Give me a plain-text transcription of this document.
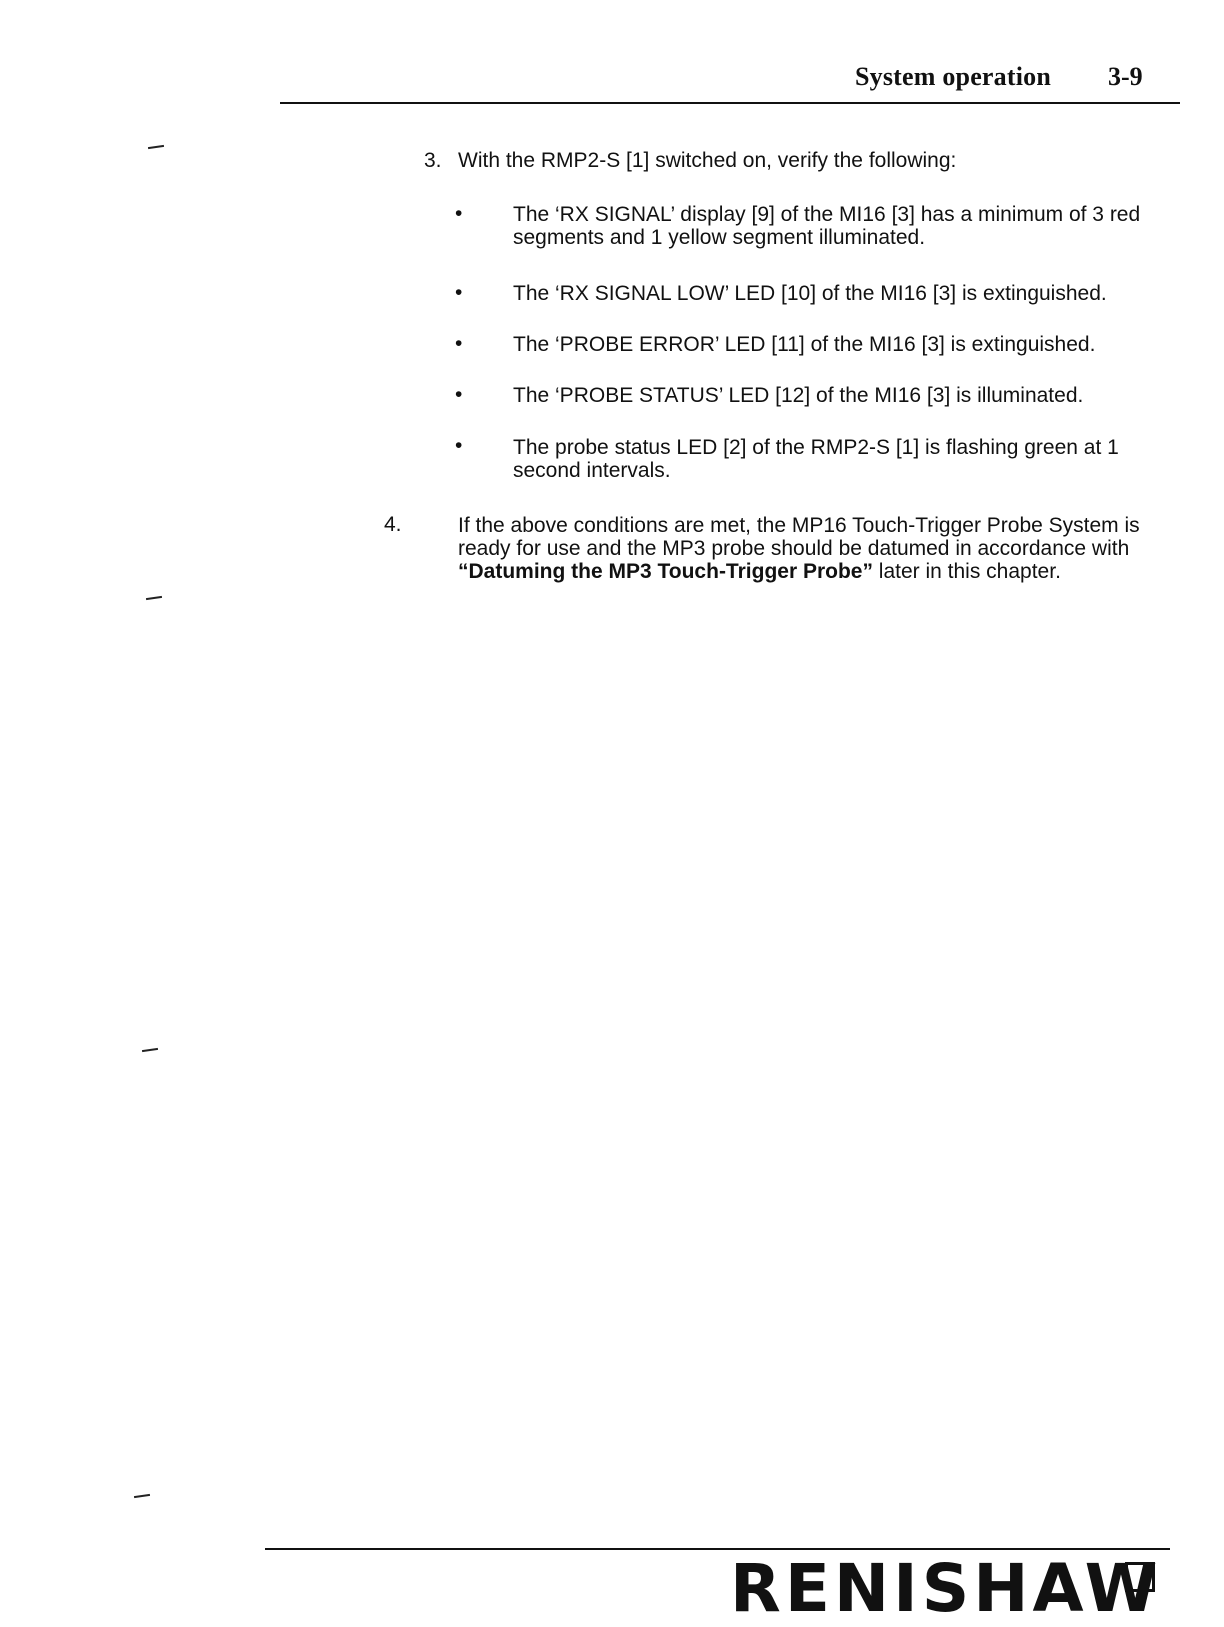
System operation 3-9
3. With the RMP2-S [1] switched on, verify the following:
• The ‘RX SIGNAL’ display [9] of the MI16 [3] has a minimum of 3 red segments and 1 yellow segment illuminated.
• The ‘RX SIGNAL LOW’ LED [10] of the MI16 [3] is extinguished.
• The ‘PROBE ERROR’ LED [11] of the MI16 [3] is extinguished.
• The ‘PROBE STATUS’ LED [12] of the MI16 [3] is illuminated.
• The probe status LED [2] of the RMP2-S [1] is flashing green at 1 second intervals.
4.	If the above conditions are met, the MP16 Touch-Trigger Probe System is ready for use and the MP3 probe should be datumed in accordance with “Datuming the MP3 Touch-Trigger Probe” later in this chapter.
RENISHAW
